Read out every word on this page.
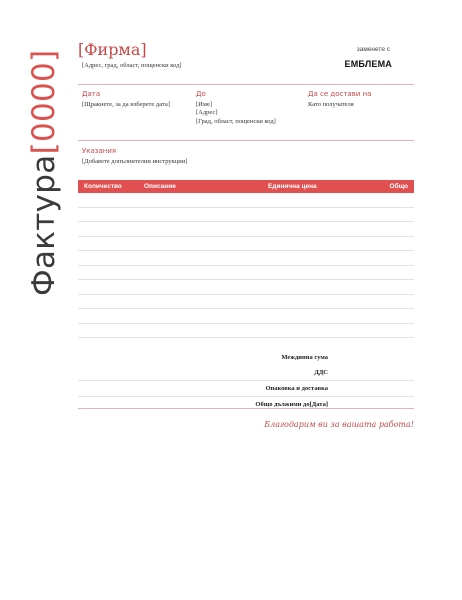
Фактура[0000]
[Фирма]
[Адрес, град, област, пощенски код]
заменете с
ЕМБЛЕМА
Дата
[Щракнете, за да изберете дата]
До
[Име]
[Адрес]
[Град, област, пощенски код]
Да се достави на
Като получателя
Указания
[Добавете допълнителни инструкции]
Количество	Описание	Единична цена	Общо
Междинна сума
ДДС
Опаковка и доставка
Общо дължими до[Дата]
Благодарим ви за вашата работа!
